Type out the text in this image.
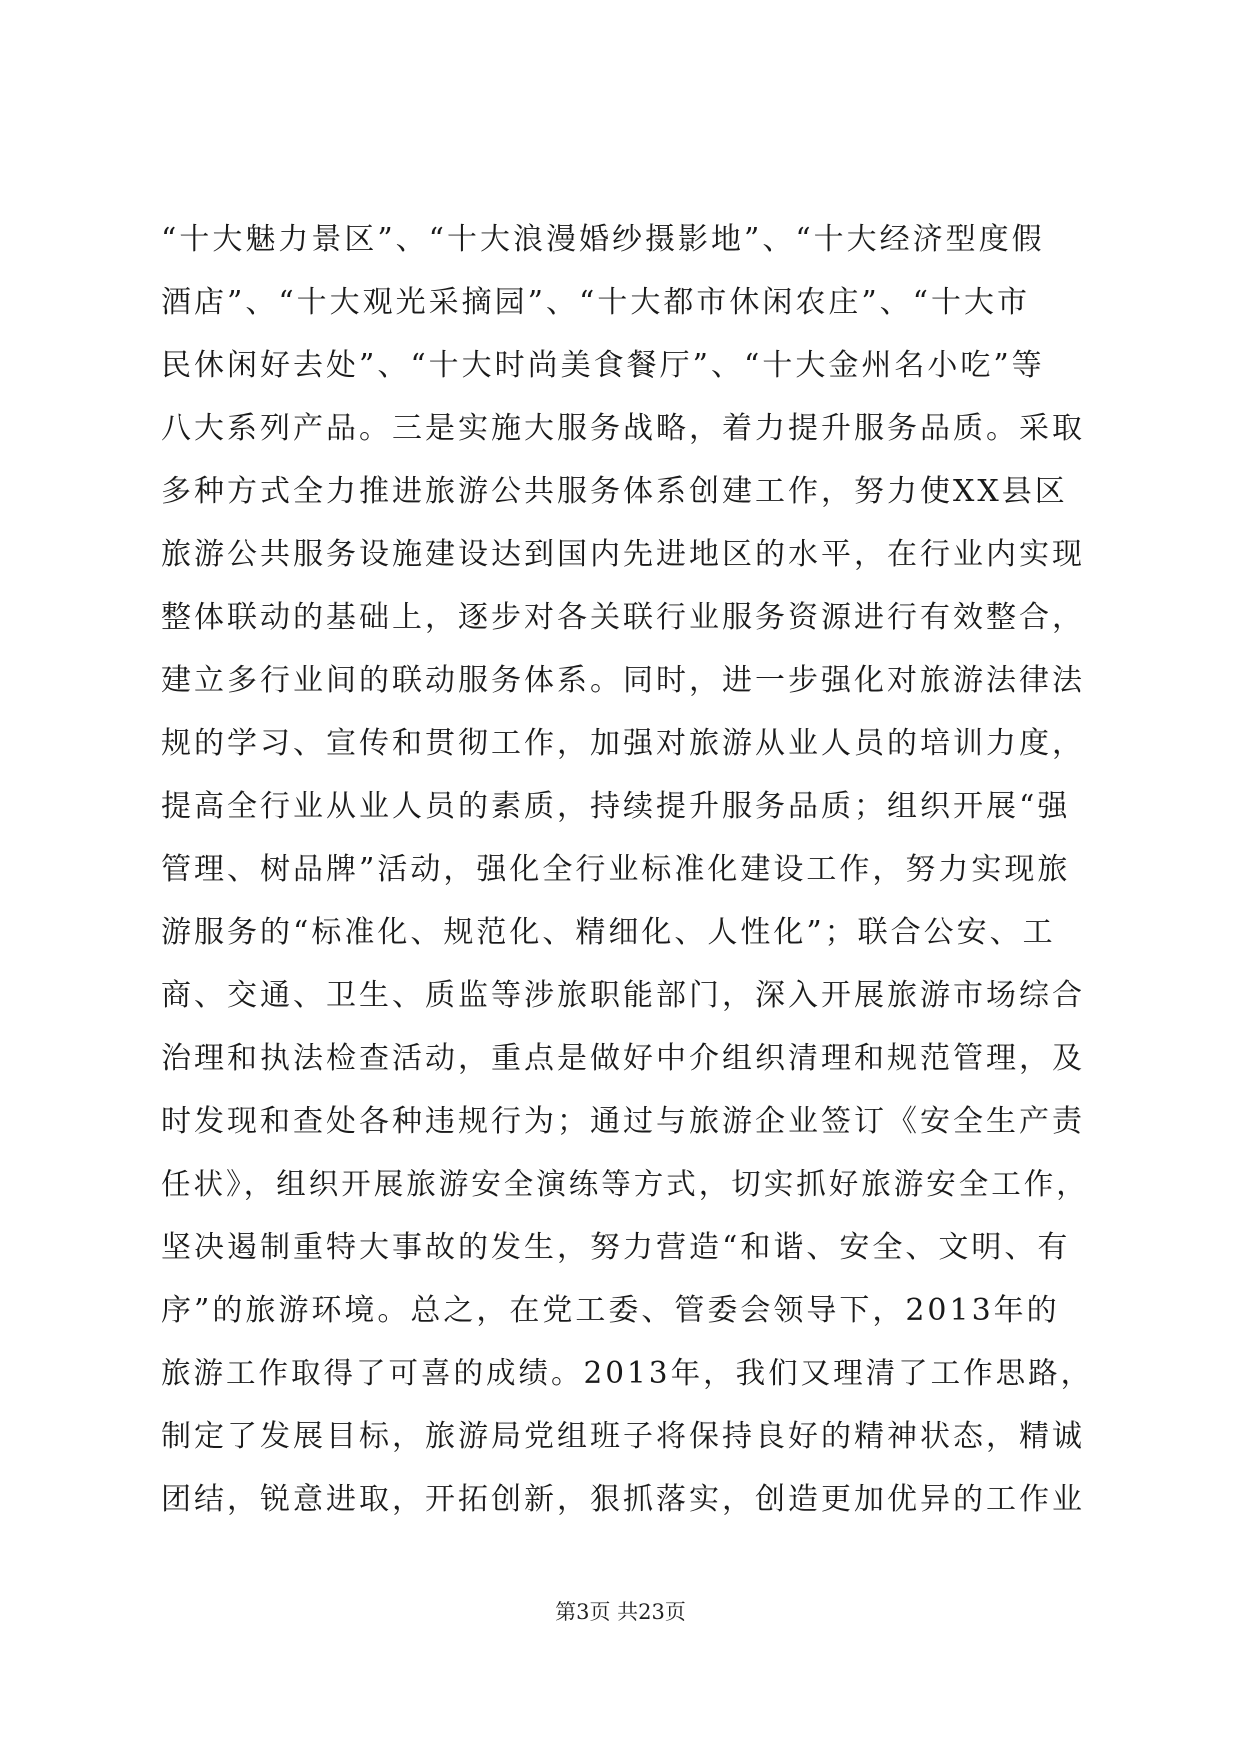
“十大魅力景区”、“十大浪漫婚纱摄影地”、“十大经济型度假
酒店”、“十大观光采摘园”、“十大都市休闲农庄”、“十大市
民休闲好去处”、“十大时尚美食餐厅”、“十大金州名小吃”等
八大系列产品。三是实施大服务战略，着力提升服务品质。采取
多种方式全力推进旅游公共服务体系创建工作，努力使XX县区
旅游公共服务设施建设达到国内先进地区的水平，在行业内实现
整体联动的基础上，逐步对各关联行业服务资源进行有效整合，
建立多行业间的联动服务体系。同时，进一步强化对旅游法律法
规的学习、宣传和贯彻工作，加强对旅游从业人员的培训力度，
提高全行业从业人员的素质，持续提升服务品质；组织开展“强
管理、树品牌”活动，强化全行业标准化建设工作，努力实现旅
游服务的“标准化、规范化、精细化、人性化”；联合公安、工
商、交通、卫生、质监等涉旅职能部门，深入开展旅游市场综合
治理和执法检查活动，重点是做好中介组织清理和规范管理，及
时发现和查处各种违规行为；通过与旅游企业签订《安全生产责
任状》，组织开展旅游安全演练等方式，切实抓好旅游安全工作，
坚决遏制重特大事故的发生，努力营造“和谐、安全、文明、有
序”的旅游环境。总之，在党工委、管委会领导下，2013年的
旅游工作取得了可喜的成绩。2013年，我们又理清了工作思路，
制定了发展目标，旅游局党组班子将保持良好的精神状态，精诚
团结，锐意进取，开拓创新，狠抓落实，创造更加优异的工作业
第3页 共23页
